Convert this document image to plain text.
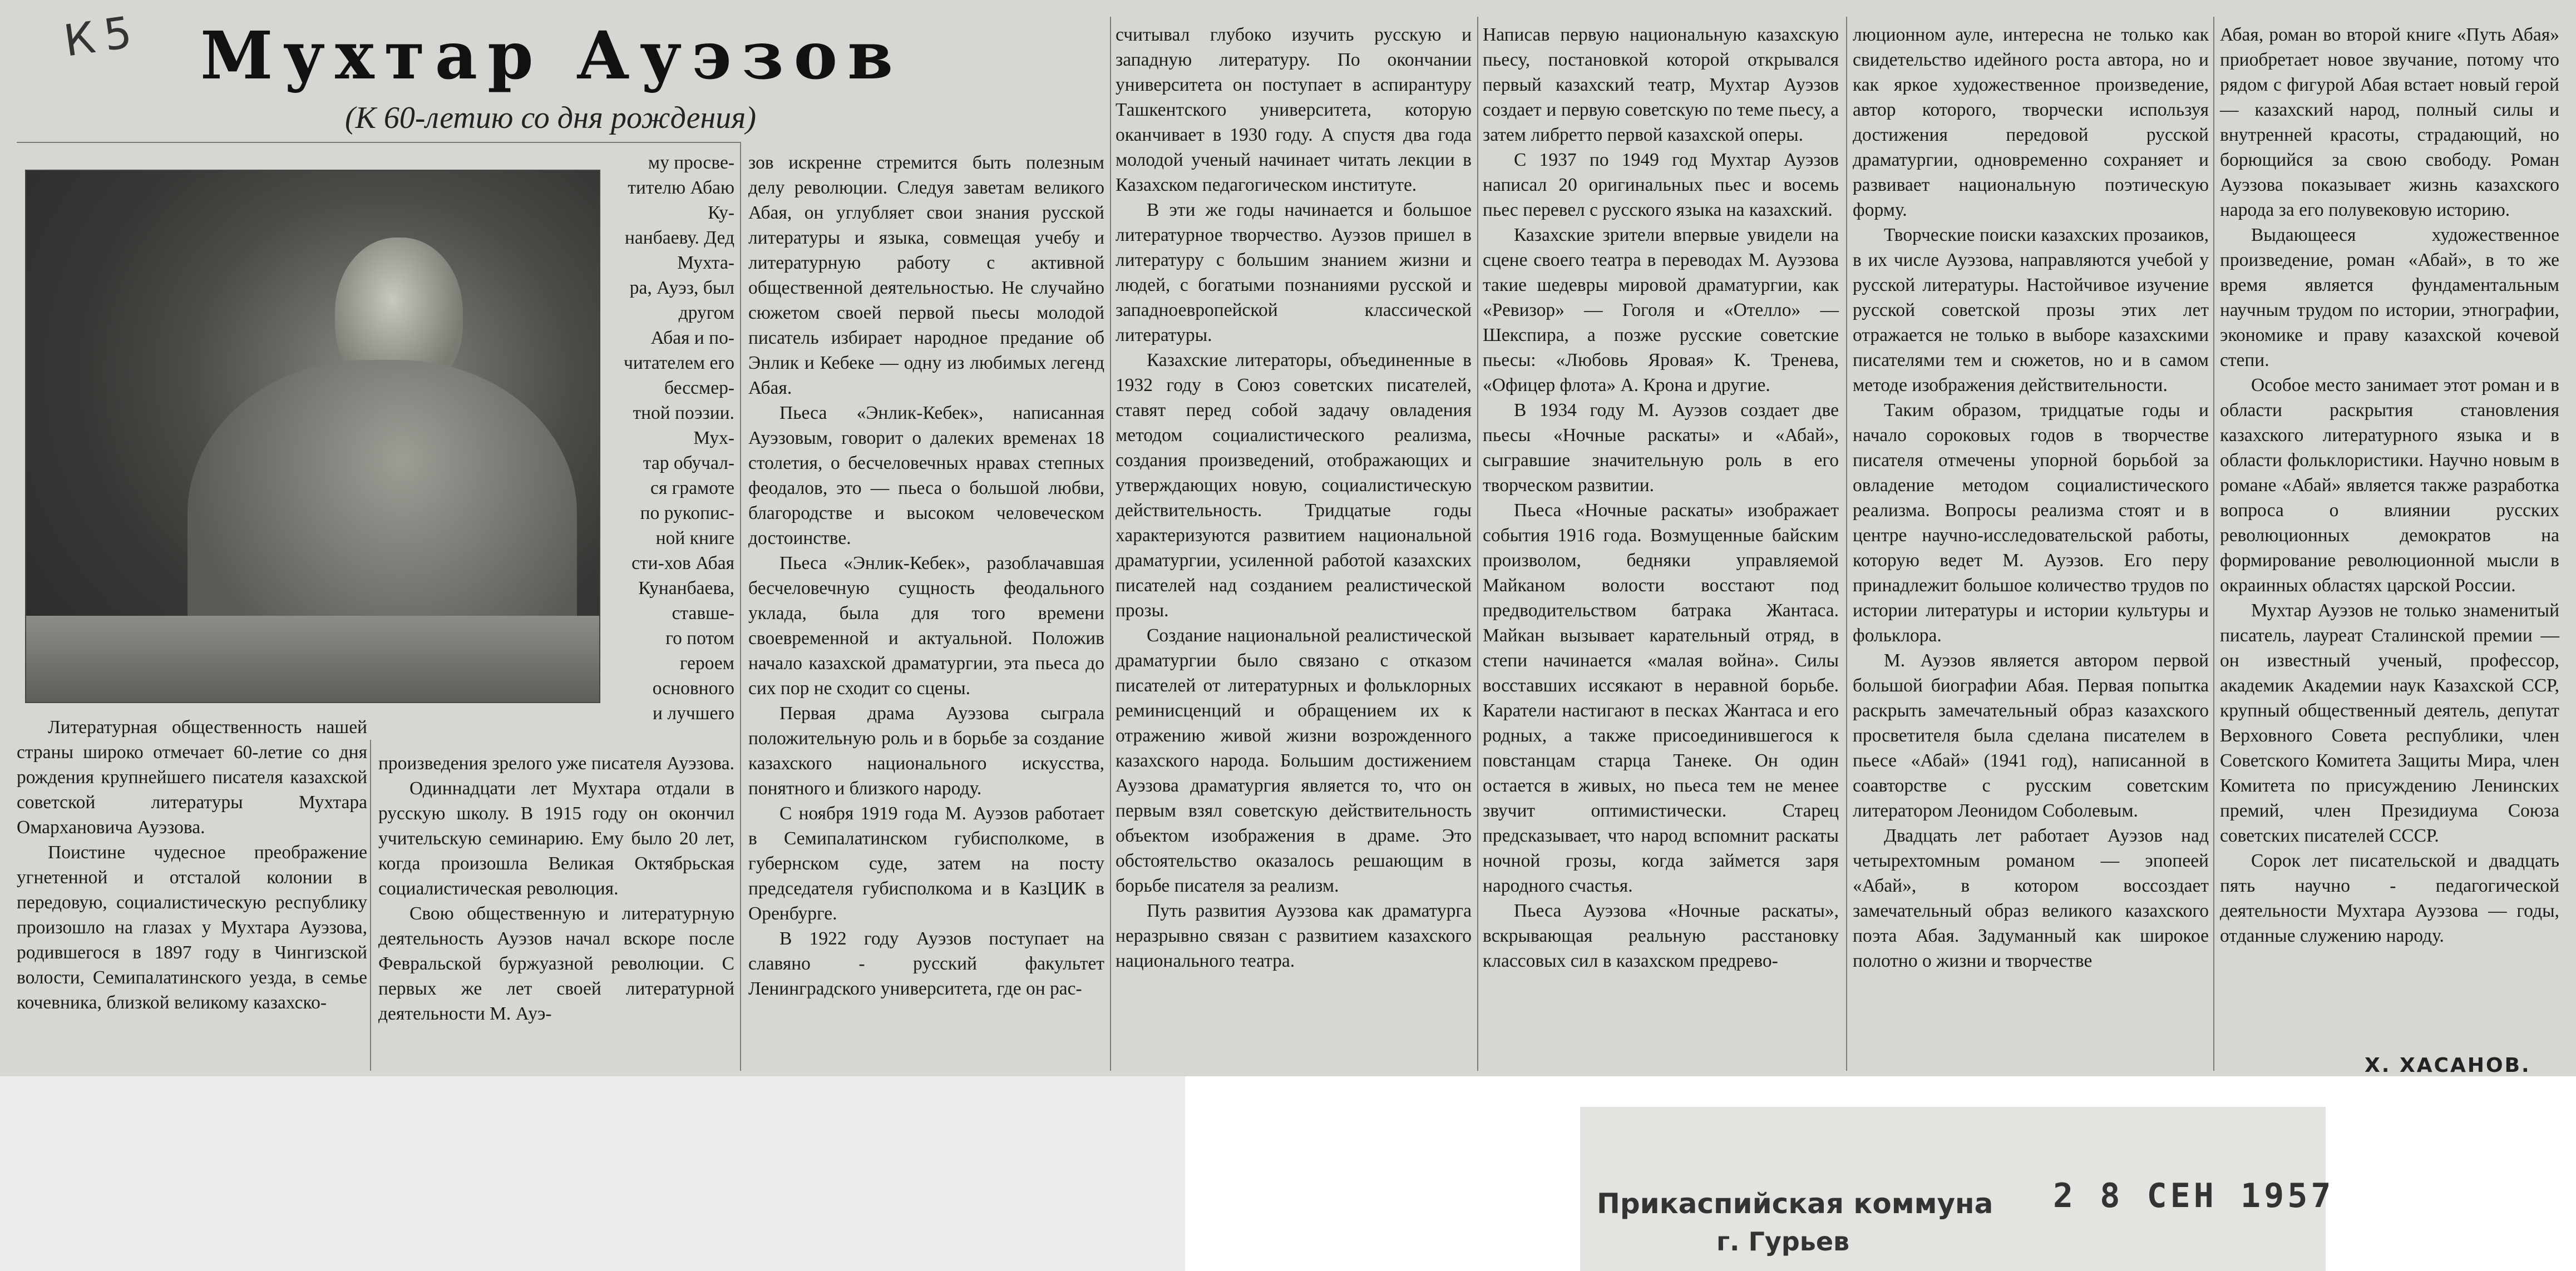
К 5 Мухтар Ауэзов
(К 60-летию со дня рождения)
му просве-
тителю Абаю Ку-
нанбаеву. Дед Мухта-
ра, Ауэз, был другом
Абая и по-
читателем его бессмер-
тной поэзии. Мух-
тар обучал-
ся грамоте
по рукопис-
ной книге
сти-хов Абая
Кунанбаева, ставше-
го потом героем
основного
и лучшего

Литературная общественность нашей страны широко отмечает 60-летие со дня рождения крупнейшего писателя казахской советской литературы Мухтара Омархановича Ауэзова.

Поистине чудесное преображение угнетенной и отсталой колонии в передовую, социалистическую республику произошло на глазах у Мухтара Ауэзова, родившегося в 1897 году в Чингизской волости, Семипалатинского уезда, в семье кочевника, близкой великому казахско-

произведения зрелого уже писателя Ауэзова.

Одиннадцати лет Мухтара отдали в русскую школу. В 1915 году он окончил учительскую семинарию. Ему было 20 лет, когда произошла Великая Октябрьская социалистическая революция.

Свою общественную и литературную деятельность Ауэзов начал вскоре после Февральской буржуазной революции. С первых же лет своей литературной деятельности М. Ауэ-

зов искренне стремится быть полезным делу революции. Следуя заветам великого Абая, он углубляет свои знания русской литературы и языка, совмещая учебу и литературную работу с активной общественной деятельностью. Не случайно сюжетом своей первой пьесы молодой писатель избирает народное предание об Энлик и Кебеке — одну из любимых легенд Абая.

Пьеса «Энлик-Кебек», написанная Ауэзовым, говорит о далеких временах 18 столетия, о бесчеловечных нравах степных феодалов, это — пьеса о большой любви, благородстве и высоком человеческом достоинстве.

Пьеса «Энлик-Кебек», разоблачавшая бесчеловечную сущность феодального уклада, была для того времени своевременной и актуальной. Положив начало казахской драматургии, эта пьеса до сих пор не сходит со сцены.

Первая драма Ауэзова сыграла положительную роль и в борьбе за создание казахского национального искусства, понятного и близкого народу.

С ноября 1919 года М. Ауэзов работает в Семипалатинском губисполкоме, в губернском суде, затем на посту председателя губисполкома и в КазЦИК в Оренбурге.

В 1922 году Ауэзов поступает на славяно - русский факультет Ленинградского университета, где он рас-

считывал глубоко изучить русскую и западную литературу. По окончании университета он поступает в аспирантуру Ташкентского университета, которую оканчивает в 1930 году. А спустя два года молодой ученый начинает читать лекции в Казахском педагогическом институте.

В эти же годы начинается и большое литературное творчество. Ауэзов пришел в литературу с большим знанием жизни и людей, с богатыми познаниями русской и западноевропейской классической литературы.

Казахские литераторы, объединенные в 1932 году в Союз советских писателей, ставят перед собой задачу овладения методом социалистического реализма, создания произведений, отображающих и утверждающих новую, социалистическую действительность. Тридцатые годы характеризуются развитием национальной драматургии, усиленной работой казахских писателей над созданием реалистической прозы.

Создание национальной реалистической драматургии было связано с отказом писателей от литературных и фольклорных реминисценций и обращением их к отражению живой жизни возрожденного казахского народа. Большим достижением Ауэзова драматургия является то, что он первым взял советскую действительность объектом изображения в драме. Это обстоятельство оказалось решающим в борьбе писателя за реализм.

Путь развития Ауэзова как драматурга неразрывно связан с развитием казахского национального театра.

Написав первую национальную казахскую пьесу, постановкой которой открывался первый казахский театр, Мухтар Ауэзов создает и первую советскую по теме пьесу, а затем либретто первой казахской оперы.

С 1937 по 1949 год Мухтар Ауэзов написал 20 оригинальных пьес и восемь пьес перевел с русского языка на казахский.

Казахские зрители впервые увидели на сцене своего театра в переводах М. Ауэзова такие шедевры мировой драматургии, как «Ревизор» — Гоголя и «Отелло» — Шекспира, а позже русские советские пьесы: «Любовь Яровая» К. Тренева, «Офицер флота» А. Крона и другие.

В 1934 году М. Ауэзов создает две пьесы «Ночные раскаты» и «Абай», сыгравшие значительную роль в его творческом развитии.

Пьеса «Ночные раскаты» изображает события 1916 года. Возмущенные байским произволом, бедняки управляемой Майканом волости восстают под предводительством батрака Жантаса. Майкан вызывает карательный отряд, в степи начинается «малая война». Силы восставших иссякают в неравной борьбе. Каратели настигают в песках Жантаса и его родных, а также присоединившегося к повстанцам старца Танеке. Он один остается в живых, но пьеса тем не менее звучит оптимистически. Старец предсказывает, что народ вспомнит раскаты ночной грозы, когда займется заря народного счастья.

Пьеса Ауэзова «Ночные раскаты», вскрывающая реальную расстановку классовых сил в казахском предрево-

люционном ауле, интересна не только как свидетельство идейного роста автора, но и как яркое художественное произведение, автор которого, творчески используя достижения передовой русской драматургии, одновременно сохраняет и развивает национальную поэтическую форму.

Творческие поиски казахских прозаиков, в их числе Ауэзова, направляются учебой у русской литературы. Настойчивое изучение русской советской прозы этих лет отражается не только в выборе казахскими писателями тем и сюжетов, но и в самом методе изображения действительности.

Таким образом, тридцатые годы и начало сороковых годов в творчестве писателя отмечены упорной борьбой за овладение методом социалистического реализма. Вопросы реализма стоят и в центре научно-исследовательской работы, которую ведет М. Ауэзов. Его перу принадлежит большое количество трудов по истории литературы и истории культуры и фольклора.

М. Ауэзов является автором первой большой биографии Абая. Первая попытка раскрыть замечательный образ казахского просветителя была сделана писателем в пьесе «Абай» (1941 год), написанной в соавторстве с русским советским литератором Леонидом Соболевым.

Двадцать лет работает Ауэзов над четырехтомным романом — эпопеей «Абай», в котором воссоздает замечательный образ великого казахского поэта Абая. Задуманный как широкое полотно о жизни и творчестве

Абая, роман во второй книге «Путь Абая» приобретает новое звучание, потому что рядом с фигурой Абая встает новый герой — казахский народ, полный силы и внутренней красоты, страдающий, но борющийся за свою свободу. Роман Ауэзова показывает жизнь казахского народа за его полувековую историю.

Выдающееся художественное произведение, роман «Абай», в то же время является фундаментальным научным трудом по истории, этнографии, экономике и праву казахской кочевой степи.

Особое место занимает этот роман и в области раскрытия становления казахского литературного языка и в области фольклористики. Научно новым в романе «Абай» является также разработка вопроса о влиянии русских революционных демократов на формирование революционной мысли в окраинных областях царской России.

Мухтар Ауэзов не только знаменитый писатель, лауреат Сталинской премии — он известный ученый, профессор, академик Академии наук Казахской ССР, крупный общественный деятель, депутат Верховного Совета республики, член Советского Комитета Защиты Мира, член Комитета по присуждению Ленинских премий, член Президиума Союза советских писателей СССР.

Сорок лет писательской и двадцать пять научно - педагогической деятельности Мухтара Ауэзова — годы, отданные служению народу.

Х. ХАСАНОВ.
Прикаспийская коммуна
г. Гурьев
2 8 СЕН 1957
